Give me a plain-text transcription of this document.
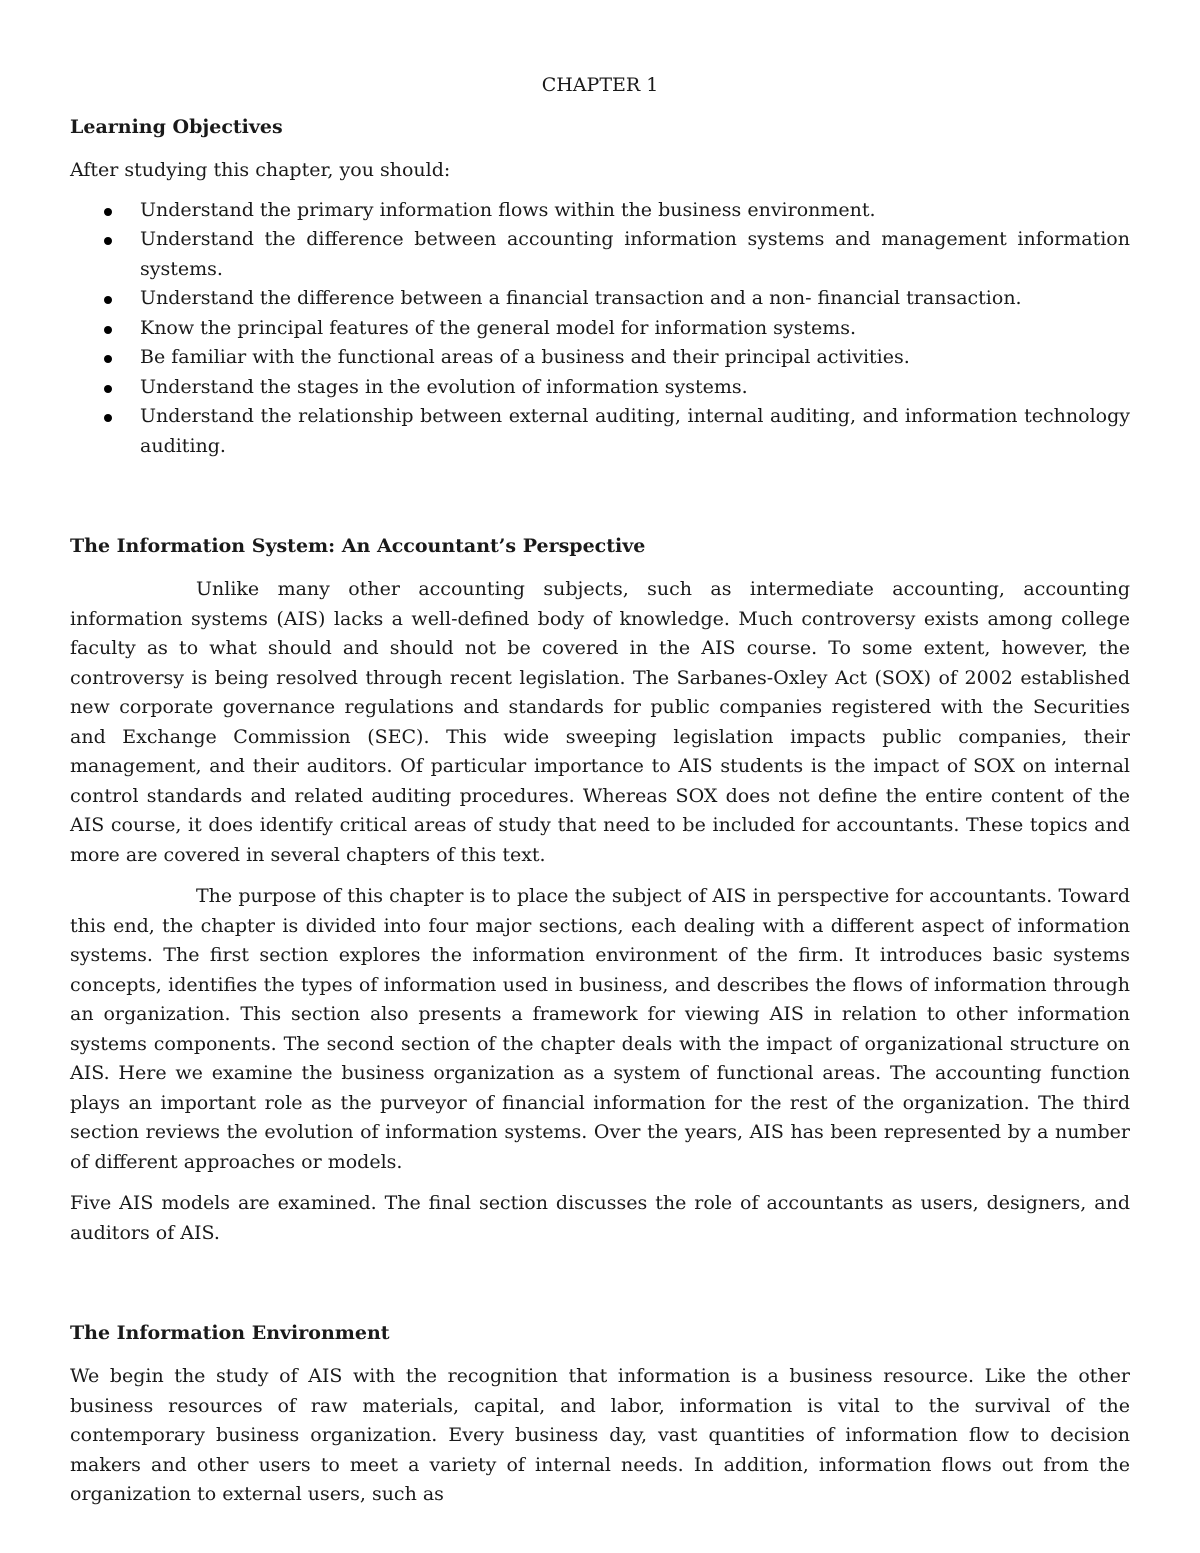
CHAPTER 1
Learning Objectives

After studying this chapter, you should:

Understand the primary information flows within the business environment.
Understand the difference between accounting information systems and management information systems.
Understand the difference between a financial transaction and a non- financial transaction.
Know the principal features of the general model for information systems.
Be familiar with the functional areas of a business and their principal activities.
Understand the stages in the evolution of information systems.
Understand the relationship between external auditing, internal auditing, and information technology auditing.
The Information System: An Accountant’s Perspective

Unlike many other accounting subjects, such as intermediate accounting, accounting information systems (AIS) lacks a well-defined body of knowledge. Much controversy exists among college faculty as to what should and should not be covered in the AIS course. To some extent, however, the controversy is being resolved through recent legislation. The Sarbanes-Oxley Act (SOX) of 2002 established new corporate governance regulations and standards for public companies registered with the Securities and Exchange Commission (SEC). This wide sweeping legislation impacts public companies, their management, and their auditors. Of particular importance to AIS students is the impact of SOX on internal control standards and related auditing procedures. Whereas SOX does not define the entire content of the AIS course, it does identify critical areas of study that need to be included for accountants. These topics and more are covered in several chapters of this text.

The purpose of this chapter is to place the subject of AIS in perspective for accountants. Toward this end, the chapter is divided into four major sections, each dealing with a different aspect of information systems. The first section explores the information environment of the firm. It introduces basic systems concepts, identifies the types of information used in business, and describes the flows of information through an organization. This section also presents a framework for viewing AIS in relation to other information systems components. The second section of the chapter deals with the impact of organizational structure on AIS. Here we examine the business organization as a system of functional areas. The accounting function plays an important role as the purveyor of financial information for the rest of the organization. The third section reviews the evolution of information systems. Over the years, AIS has been represented by a number of different approaches or models.

Five AIS models are examined. The final section discusses the role of accountants as users, designers, and auditors of AIS.

The Information Environment

We begin the study of AIS with the recognition that information is a business resource. Like the other business resources of raw materials, capital, and labor, information is vital to the survival of the contemporary business organization. Every business day, vast quantities of information flow to decision makers and other users to meet a variety of internal needs. In addition, information flows out from the organization to external users, such as
